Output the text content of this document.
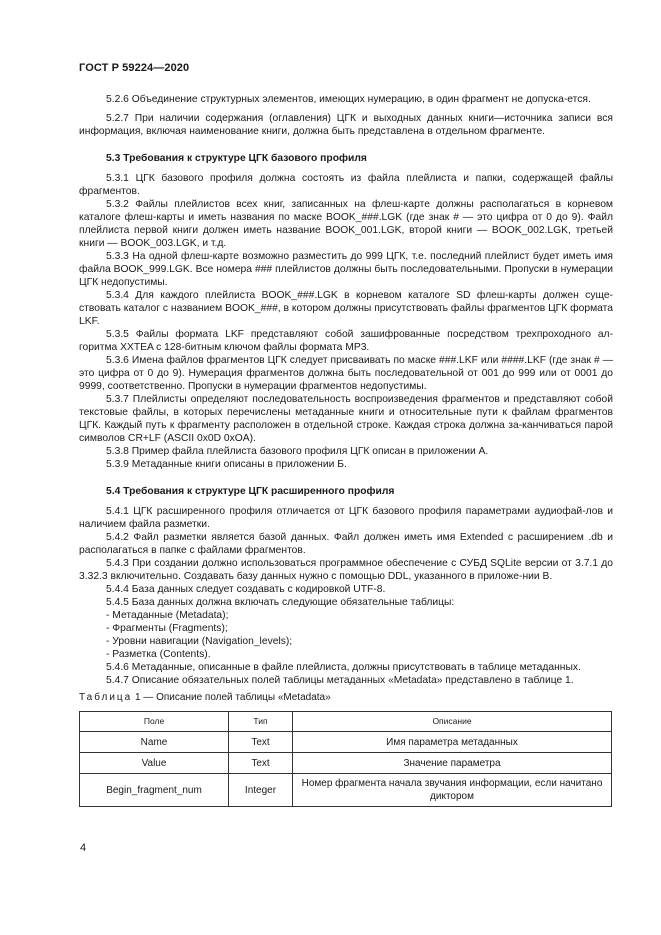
ГОСТ Р 59224—2020

5.2.6 Объединение структурных элементов, имеющих нумерацию, в один фрагмент не допуска-ется.

5.2.7 При наличии содержания (оглавления) ЦГК и выходных данных книги—источника записи вся информация, включая наименование книги, должна быть представлена в отдельном фрагменте.

5.3 Требования к структуре ЦГК базового профиля

5.3.1 ЦГК базового профиля должна состоять из файла плейлиста и папки, содержащей файлы фрагментов.

5.3.2 Файлы плейлистов всех книг, записанных на флеш-карте должны располагаться в корневом каталоге флеш-карты и иметь названия по маске BOOK_###.LGK (где знак # — это цифра от 0 до 9). Файл плейлиста первой книги должен иметь название BOOK_001.LGK, второй книги — BOOK_002.LGK, третьей книги — BOOK_003.LGK, и т.д.

5.3.3 На одной флеш-карте возможно разместить до 999 ЦГК, т.е. последний плейлист будет иметь имя файла BOOK_999.LGK. Все номера ### плейлистов должны быть последовательными. Пропуски в нумерации ЦГК недопустимы.

5.3.4 Для каждого плейлиста BOOK_###.LGK в корневом каталоге SD флеш-карты должен суще-ствовать каталог с названием BOOK_###, в котором должны присутствовать файлы фрагментов ЦГК формата LKF.

5.3.5 Файлы формата LKF представляют собой зашифрованные посредством трехпроходного ал-горитма XXTEA с 128-битным ключом файлы формата MP3.

5.3.6 Имена файлов фрагментов ЦГК следует присваивать по маске ###.LKF или ####.LKF (где знак # — это цифра от 0 до 9). Нумерация фрагментов должна быть последовательной от 001 до 999 или от 0001 до 9999, соответственно. Пропуски в нумерации фрагментов недопустимы.

5.3.7 Плейлисты определяют последовательность воспроизведения фрагментов и представляют собой текстовые файлы, в которых перечислены метаданные книги и относительные пути к файлам фрагментов ЦГК. Каждый путь к фрагменту расположен в отдельной строке. Каждая строка должна за-канчиваться парой символов CR+LF (ASCII 0x0D 0xOA).

5.3.8 Пример файла плейлиста базового профиля ЦГК описан в приложении А.

5.3.9 Метаданные книги описаны в приложении Б.

5.4 Требования к структуре ЦГК расширенного профиля

5.4.1 ЦГК расширенного профиля отличается от ЦГК базового профиля параметрами аудиофай-лов и наличием файла разметки.

5.4.2 Файл разметки является базой данных. Файл должен иметь имя Extended с расширением .db и располагаться в папке с файлами фрагментов.

5.4.3 При создании должно использоваться программное обеспечение с СУБД SQLite версии от 3.7.1 до 3.32.3 включительно. Создавать базу данных нужно с помощью DDL, указанного в приложе-нии В.

5.4.4 База данных следует создавать с кодировкой UTF-8.

5.4.5 База данных должна включать следующие обязательные таблицы:

- Метаданные (Metadata);

- Фрагменты (Fragments);

- Уровни навигации (Navigation_levels);

- Разметка (Contents).

5.4.6 Метаданные, описанные в файле плейлиста, должны присутствовать в таблице метаданных.

5.4.7 Описание обязательных полей таблицы метаданных «Metadata» представлено в таблице 1.

Таблица 1 — Описание полей таблицы «Metadata»

Поле	Тип	Описание
Name	Text	Имя параметра метаданных
Value	Text	Значение параметра
Begin_fragment_num	Integer	Номер фрагмента начала звучания информации, если начитано диктором
4
